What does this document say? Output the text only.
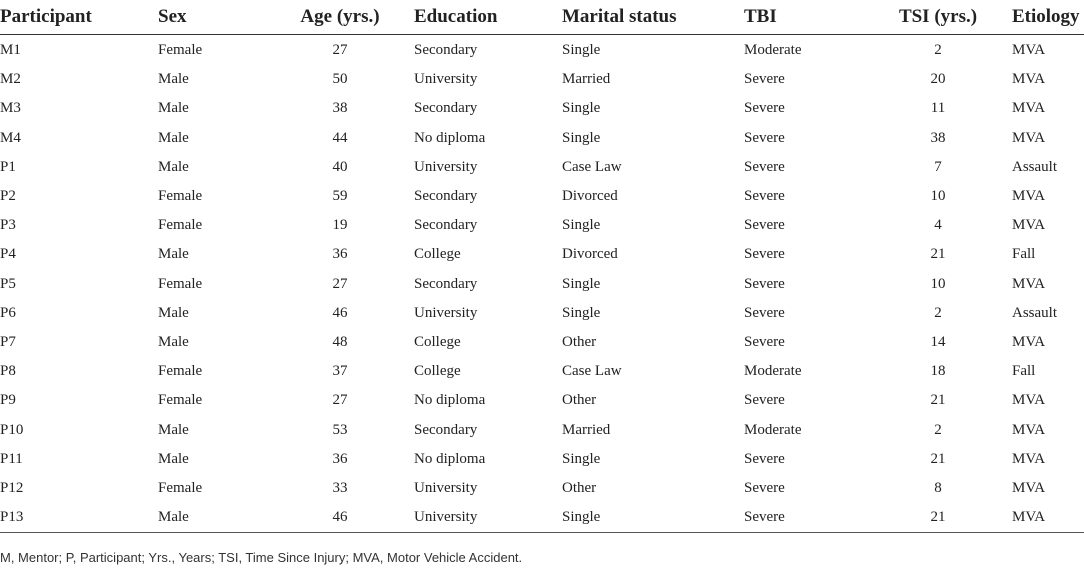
Participant	Sex	Age (yrs.)	Education	Marital status	TBI	TSI (yrs.)	Etiology
M1	Female	27	Secondary	Single	Moderate	2	MVA
M2	Male	50	University	Married	Severe	20	MVA
M3	Male	38	Secondary	Single	Severe	11	MVA
M4	Male	44	No diploma	Single	Severe	38	MVA
P1	Male	40	University	Case Law	Severe	7	Assault
P2	Female	59	Secondary	Divorced	Severe	10	MVA
P3	Female	19	Secondary	Single	Severe	4	MVA
P4	Male	36	College	Divorced	Severe	21	Fall
P5	Female	27	Secondary	Single	Severe	10	MVA
P6	Male	46	University	Single	Severe	2	Assault
P7	Male	48	College	Other	Severe	14	MVA
P8	Female	37	College	Case Law	Moderate	18	Fall
P9	Female	27	No diploma	Other	Severe	21	MVA
P10	Male	53	Secondary	Married	Moderate	2	MVA
P11	Male	36	No diploma	Single	Severe	21	MVA
P12	Female	33	University	Other	Severe	8	MVA
P13	Male	46	University	Single	Severe	21	MVA
M, Mentor; P, Participant; Yrs., Years; TSI, Time Since Injury; MVA, Motor Vehicle Accident.
